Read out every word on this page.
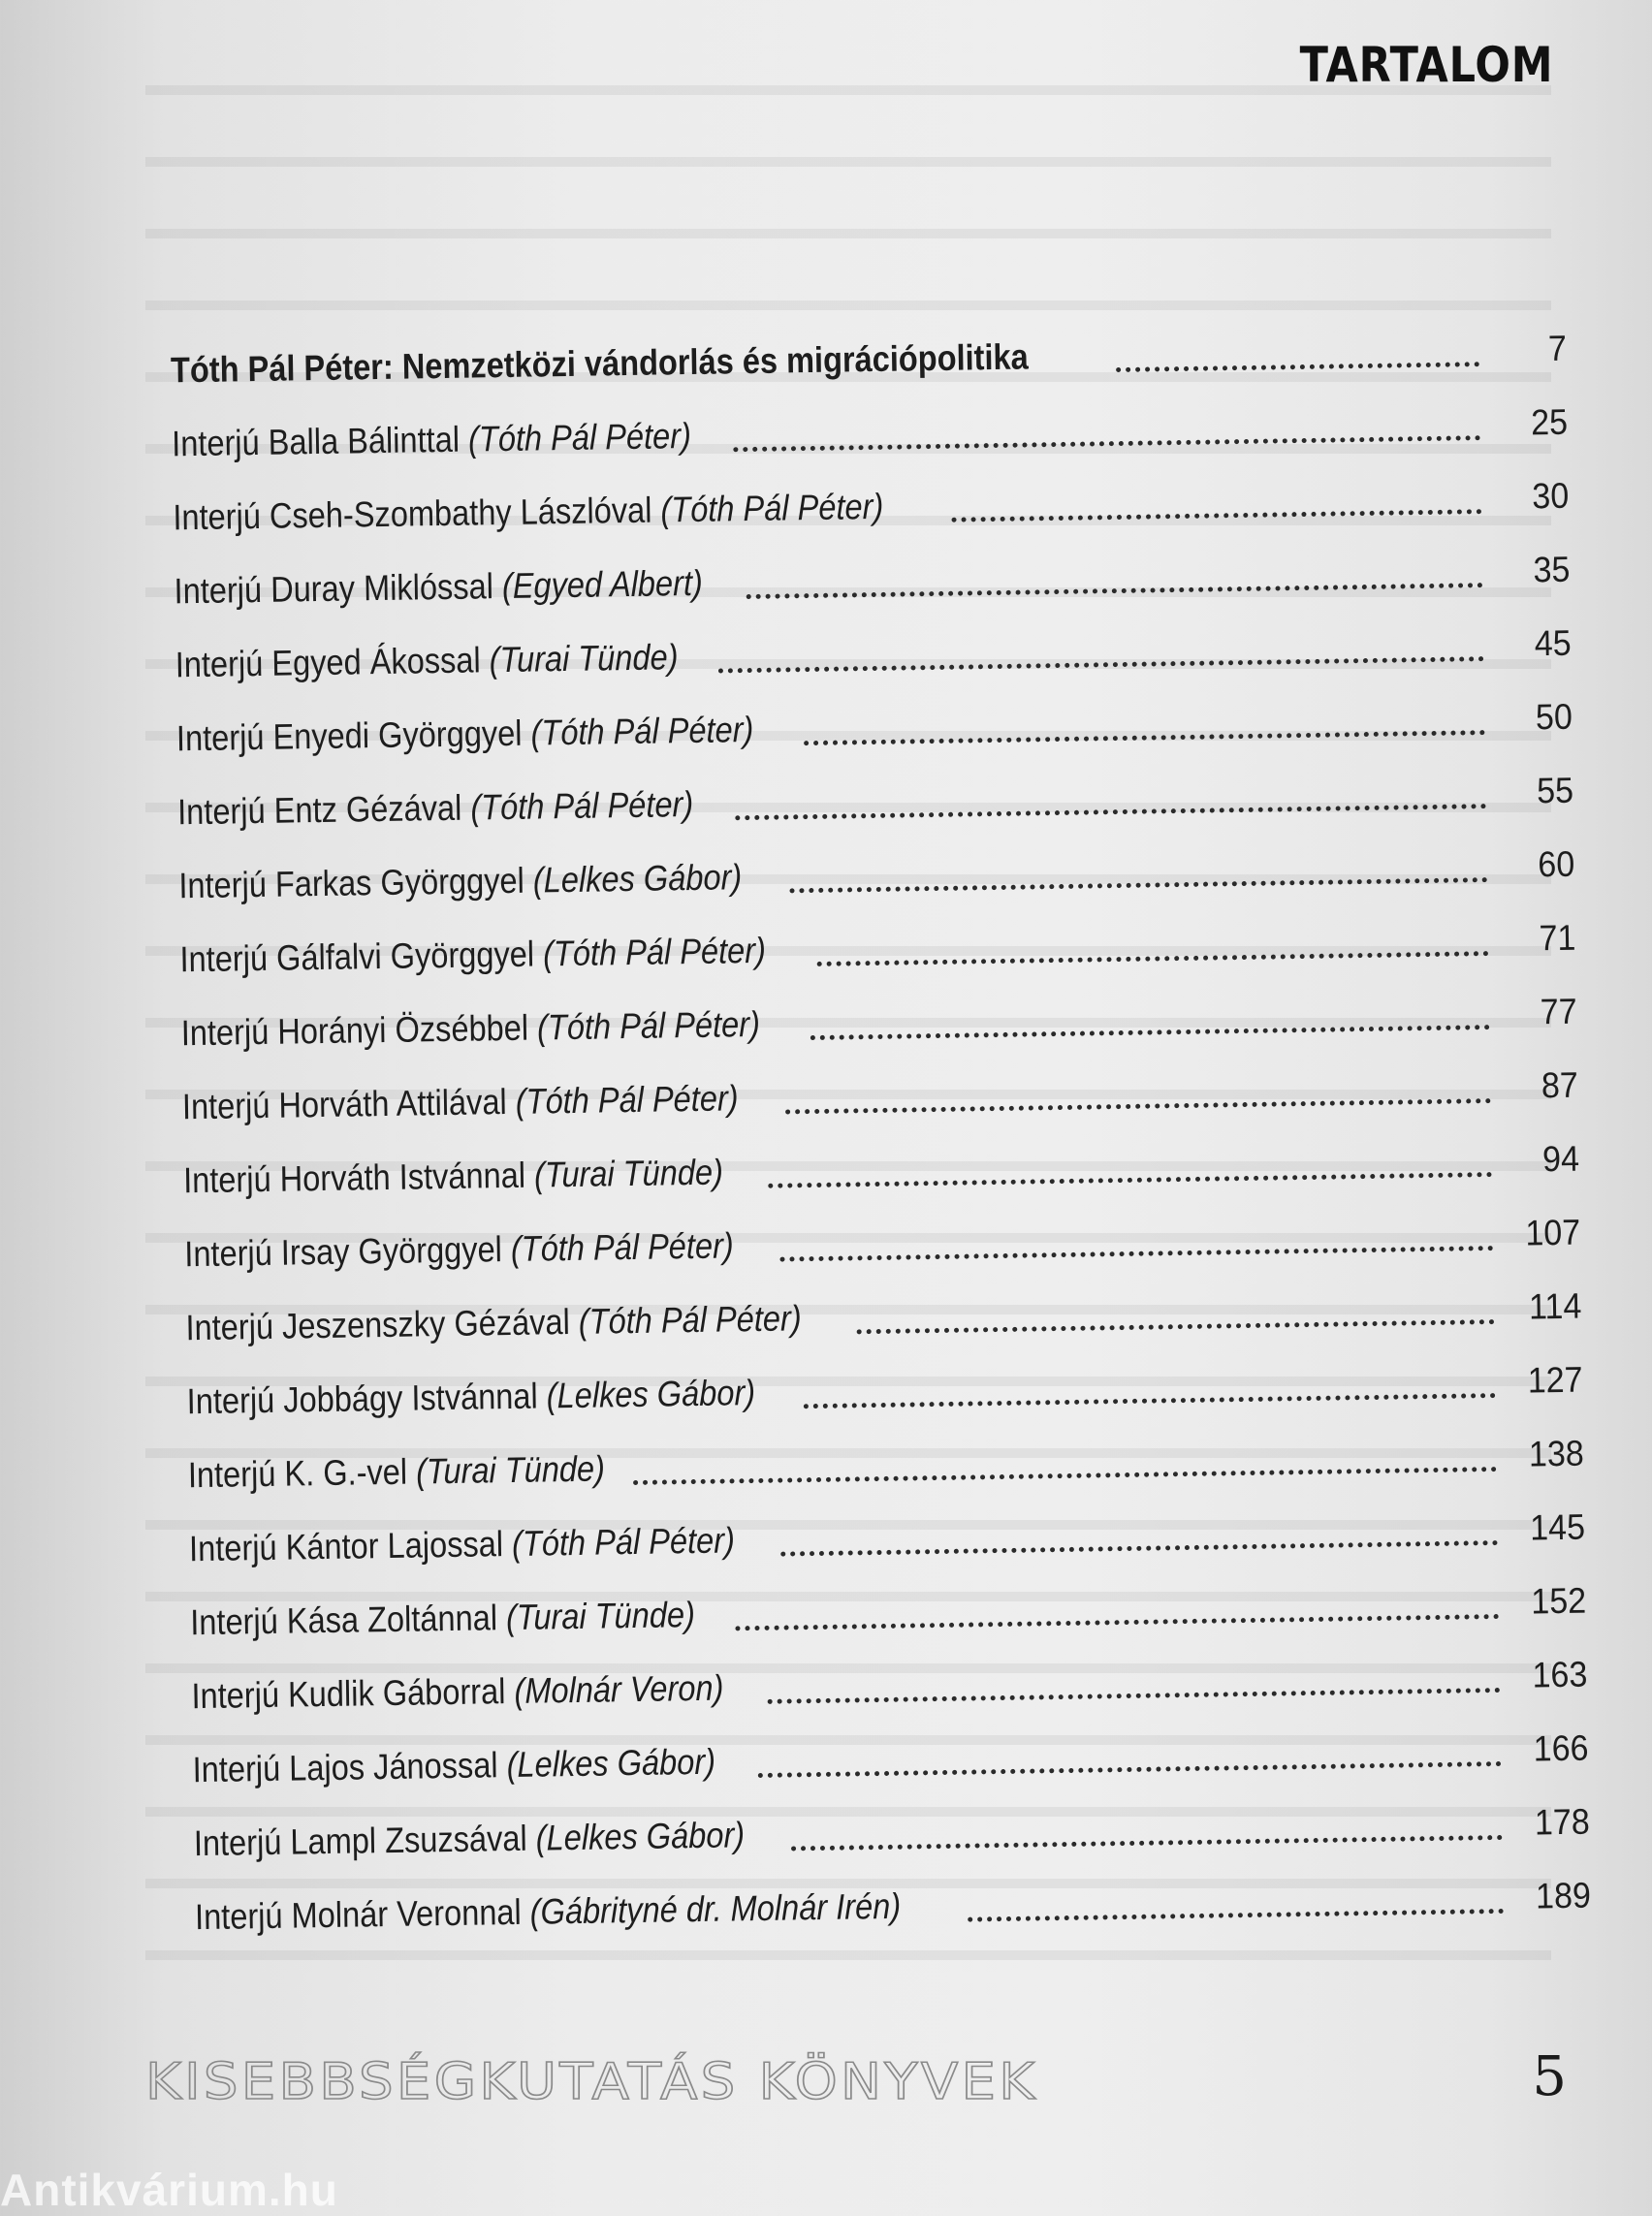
TARTALOM
Tóth Pál Péter: Nemzetközi vándorlás és migrációpolitika	7
Interjú Balla Bálinttal (Tóth Pál Péter)	25
Interjú Cseh-Szombathy Lászlóval (Tóth Pál Péter)	30
Interjú Duray Miklóssal (Egyed Albert)	35
Interjú Egyed Ákossal (Turai Tünde)	45
Interjú Enyedi Györggyel (Tóth Pál Péter)	50
Interjú Entz Gézával (Tóth Pál Péter)	55
Interjú Farkas Györggyel (Lelkes Gábor)	60
Interjú Gálfalvi Györggyel (Tóth Pál Péter)	71
Interjú Horányi Özsébbel (Tóth Pál Péter)	77
Interjú Horváth Attilával (Tóth Pál Péter)	87
Interjú Horváth Istvánnal (Turai Tünde)	94
Interjú Irsay Györggyel (Tóth Pál Péter)	107
Interjú Jeszenszky Gézával (Tóth Pál Péter)	114
Interjú Jobbágy Istvánnal (Lelkes Gábor)	127
Interjú K. G.-vel (Turai Tünde)	138
Interjú Kántor Lajossal (Tóth Pál Péter)	145
Interjú Kása Zoltánnal (Turai Tünde)	152
Interjú Kudlik Gáborral (Molnár Veron)	163
Interjú Lajos Jánossal (Lelkes Gábor)	166
Interjú Lampl Zsuzsával (Lelkes Gábor)	178
Interjú Molnár Veronnal (Gábrityné dr. Molnár Irén)	189
KISEBBSÉGKUTATÁS KÖNYVEK	5
Antikvárium.hu
